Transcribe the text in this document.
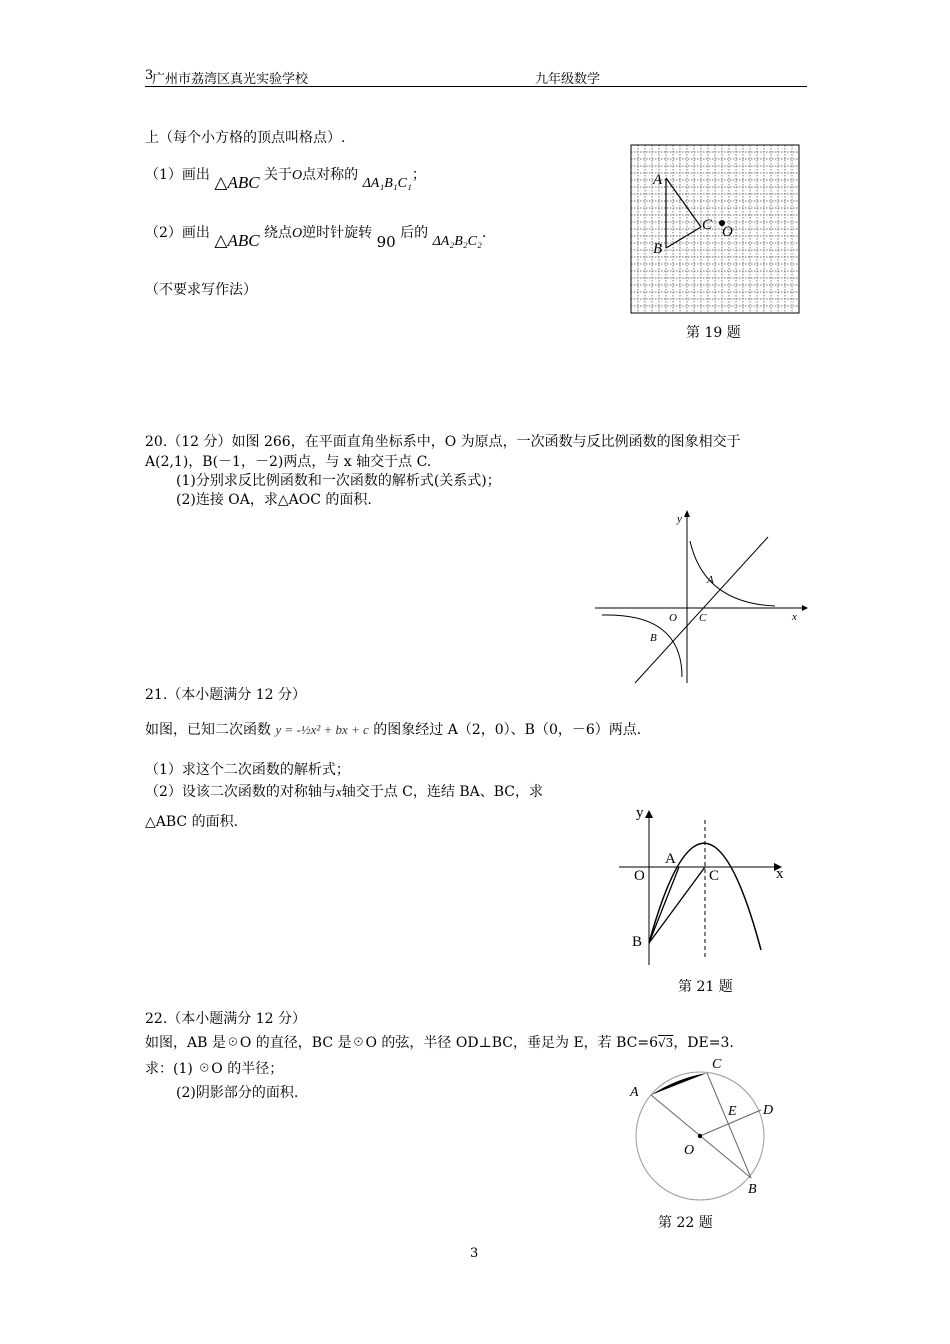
3
广州市荔湾区真光实验学校	九年级数学
上（每个小方格的顶点叫格点）.
（1）画出 △ABC 关于O点对称的 ΔA₁B₁C₁；
（2）画出 △ABC 绕点O逆时针旋转 90 后的 ΔA₂B₂C₂.
（不要求写作法）
A
B
C O
第 19 题
20.（12 分）如图 266，在平面直角坐标系中，O 为原点，一次函数与反比例函数的图象相交于
A(2,1)，B(－1，－2)两点，与 x 轴交于点 C.
(1)分别求反比例函数和一次函数的解析式(关系式)；
(2)连接 OA，求△AOC 的面积.
y
x
A
O C
B
21.（本小题满分 12 分）
如图，已知二次函数 y = -½x² + bx + c 的图象经过 A（2，0）、B（0，－6）两点.
（1）求这个二次函数的解析式；
（2）设该二次函数的对称轴与x轴交于点 C，连结 BA、BC，求
△ABC 的面积.
y
x
A
O	C
B
第 21 题
22.（本小题满分 12 分）
如图，AB 是☉O 的直径，BC 是☉O 的弦，半径 OD⊥BC，垂足为 E，若 BC=6√3，DE=3.
求：(1) ☉O 的半径；
(2)阴影部分的面积.	A
C
E D
O
B
第 22 题
3
